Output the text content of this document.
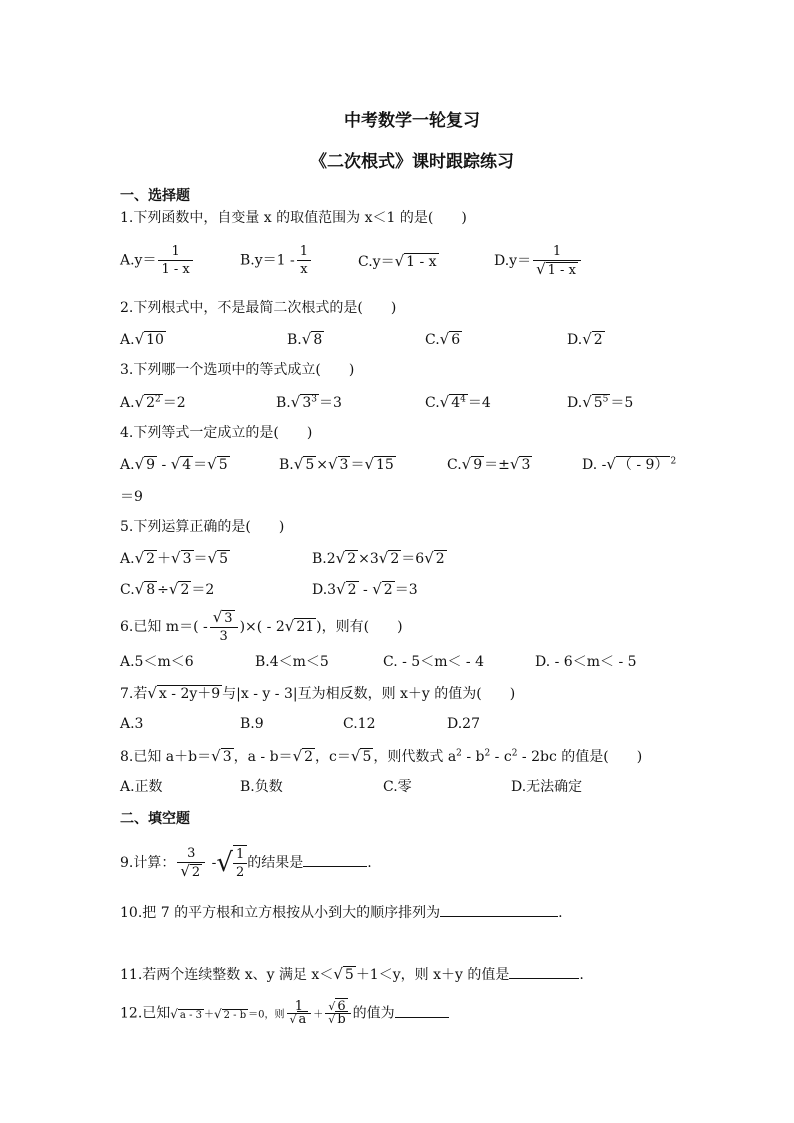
中考数学一轮复习
《二次根式》课时跟踪练习
一、选择题
1.下列函数中，自变量 x 的取值范围为 x＜1 的是(　　)
$A.y= \frac{1}{1 - x}$	$B.y=1 - \frac{1}{x}$	C.y＝√ 1 - x	$D.y= \frac{1}{√ 1 - x}$
2.下列根式中，不是最简二次根式的是(　　)
A.√ 10	B.√ 8	C.√ 6	D.√ 2
3.下列哪一个选项中的等式成立(　　)
A.√ $2^2 =2$	B.√ $3^3 =3$	C.√ $4^4 =4$	D.√ $5^5 =5$
4.下列等式一定成立的是(　　)
A.√ 9 - √ 4 ＝√ 5	B.√ 5 ×√ 3 ＝√ 15	C.√ 9 ＝±√ 3	D. -√ （ - 9） $^2$
＝9
5.下列运算正确的是(　　)
A.√ 2 ＋√ 3 ＝√ 5	B.2√ 2 ×3√ 2 ＝6√ 2
C.√ 8 ÷√ 2 ＝2	D.3√ 2 - √ 2 ＝3
6.已知 $m=( - \frac{√ 3}{3}$ )×( - 2√ 21 )，则有(　　)
A.5＜m＜6	B.4＜m＜5	C. - 5＜m＜ - 4	D. - 6＜m＜ - 5
7.若√ x - 2y＋9 与|x - y - 3|互为相反数，则 x＋y 的值为(　　)
A.3	B.9	C.12	D.27
8.已知 a＋b＝√ 3 ，a - b＝√ 2 ，c＝√ 5 ，则代数式 $a^2 - b^2 - c^2 - 2bc$ 的值是(　　)
A.正数	B.负数	C.零	D.无法确定
二、填空题
9.计算： $\frac{3}{√ 2}$ -√ $\frac{1}{2}$ 的结果是	.
10.把 7 的平方根和立方根按从小到大的顺序排列为	.
11.若两个连续整数 x、y 满足 x＜√ 5 ＋1＜y，则 x＋y 的值是	.
12.已知√ a - 3 ＋√ 2 - b ＝0，则 $\frac{1}{√ a} + \frac{√ 6}{√ b}$ 的值为
